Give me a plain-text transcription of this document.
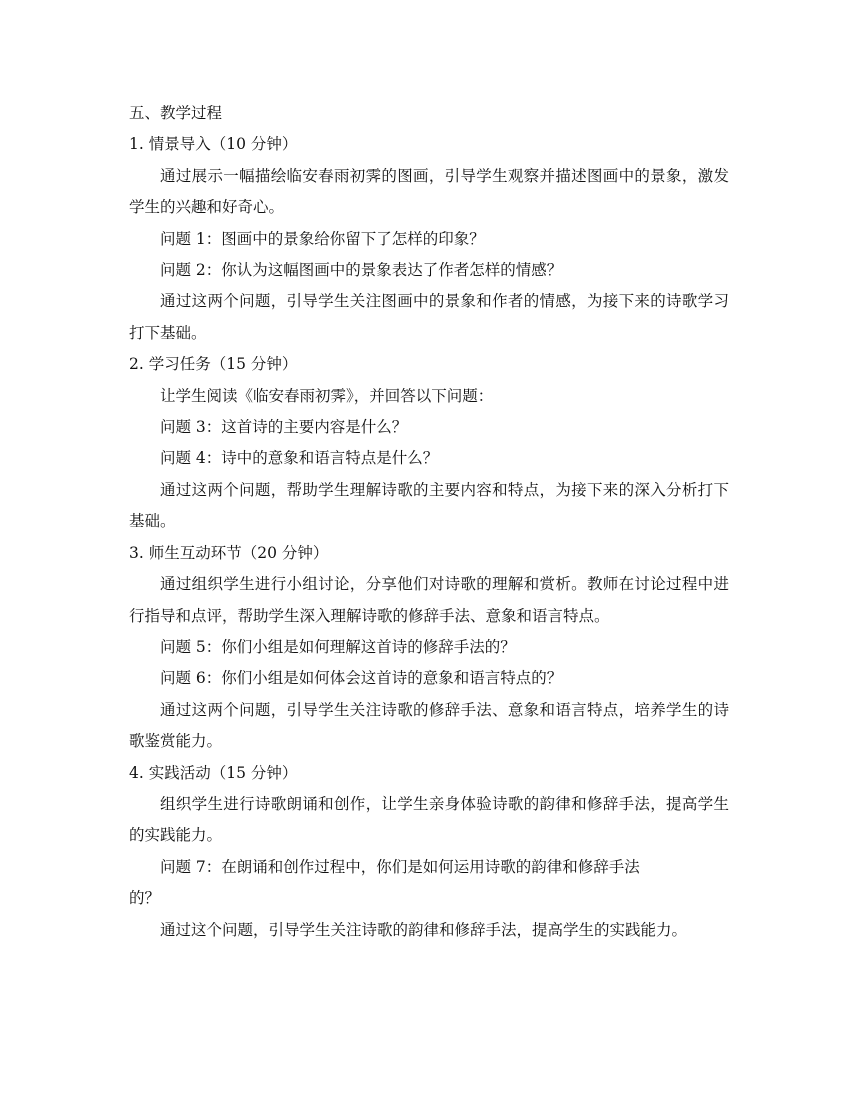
五、教学过程
1. 情景导入（10 分钟）

通过展示一幅描绘临安春雨初霁的图画，引导学生观察并描述图画中的景象，激发学生的兴趣和好奇心。

问题 1：图画中的景象给你留下了怎样的印象？

问题 2：你认为这幅图画中的景象表达了作者怎样的情感？

通过这两个问题，引导学生关注图画中的景象和作者的情感，为接下来的诗歌学习打下基础。

2. 学习任务（15 分钟）

让学生阅读《临安春雨初霁》，并回答以下问题：

问题 3：这首诗的主要内容是什么？

问题 4：诗中的意象和语言特点是什么？

通过这两个问题，帮助学生理解诗歌的主要内容和特点，为接下来的深入分析打下基础。

3. 师生互动环节（20 分钟）

通过组织学生进行小组讨论，分享他们对诗歌的理解和赏析。教师在讨论过程中进行指导和点评，帮助学生深入理解诗歌的修辞手法、意象和语言特点。

问题 5：你们小组是如何理解这首诗的修辞手法的？

问题 6：你们小组是如何体会这首诗的意象和语言特点的？

通过这两个问题，引导学生关注诗歌的修辞手法、意象和语言特点，培养学生的诗歌鉴赏能力。

4. 实践活动（15 分钟）

组织学生进行诗歌朗诵和创作，让学生亲身体验诗歌的韵律和修辞手法，提高学生的实践能力。

问题 7：在朗诵和创作过程中，你们是如何运用诗歌的韵律和修辞手法
的？

通过这个问题，引导学生关注诗歌的韵律和修辞手法，提高学生的实践能力。
